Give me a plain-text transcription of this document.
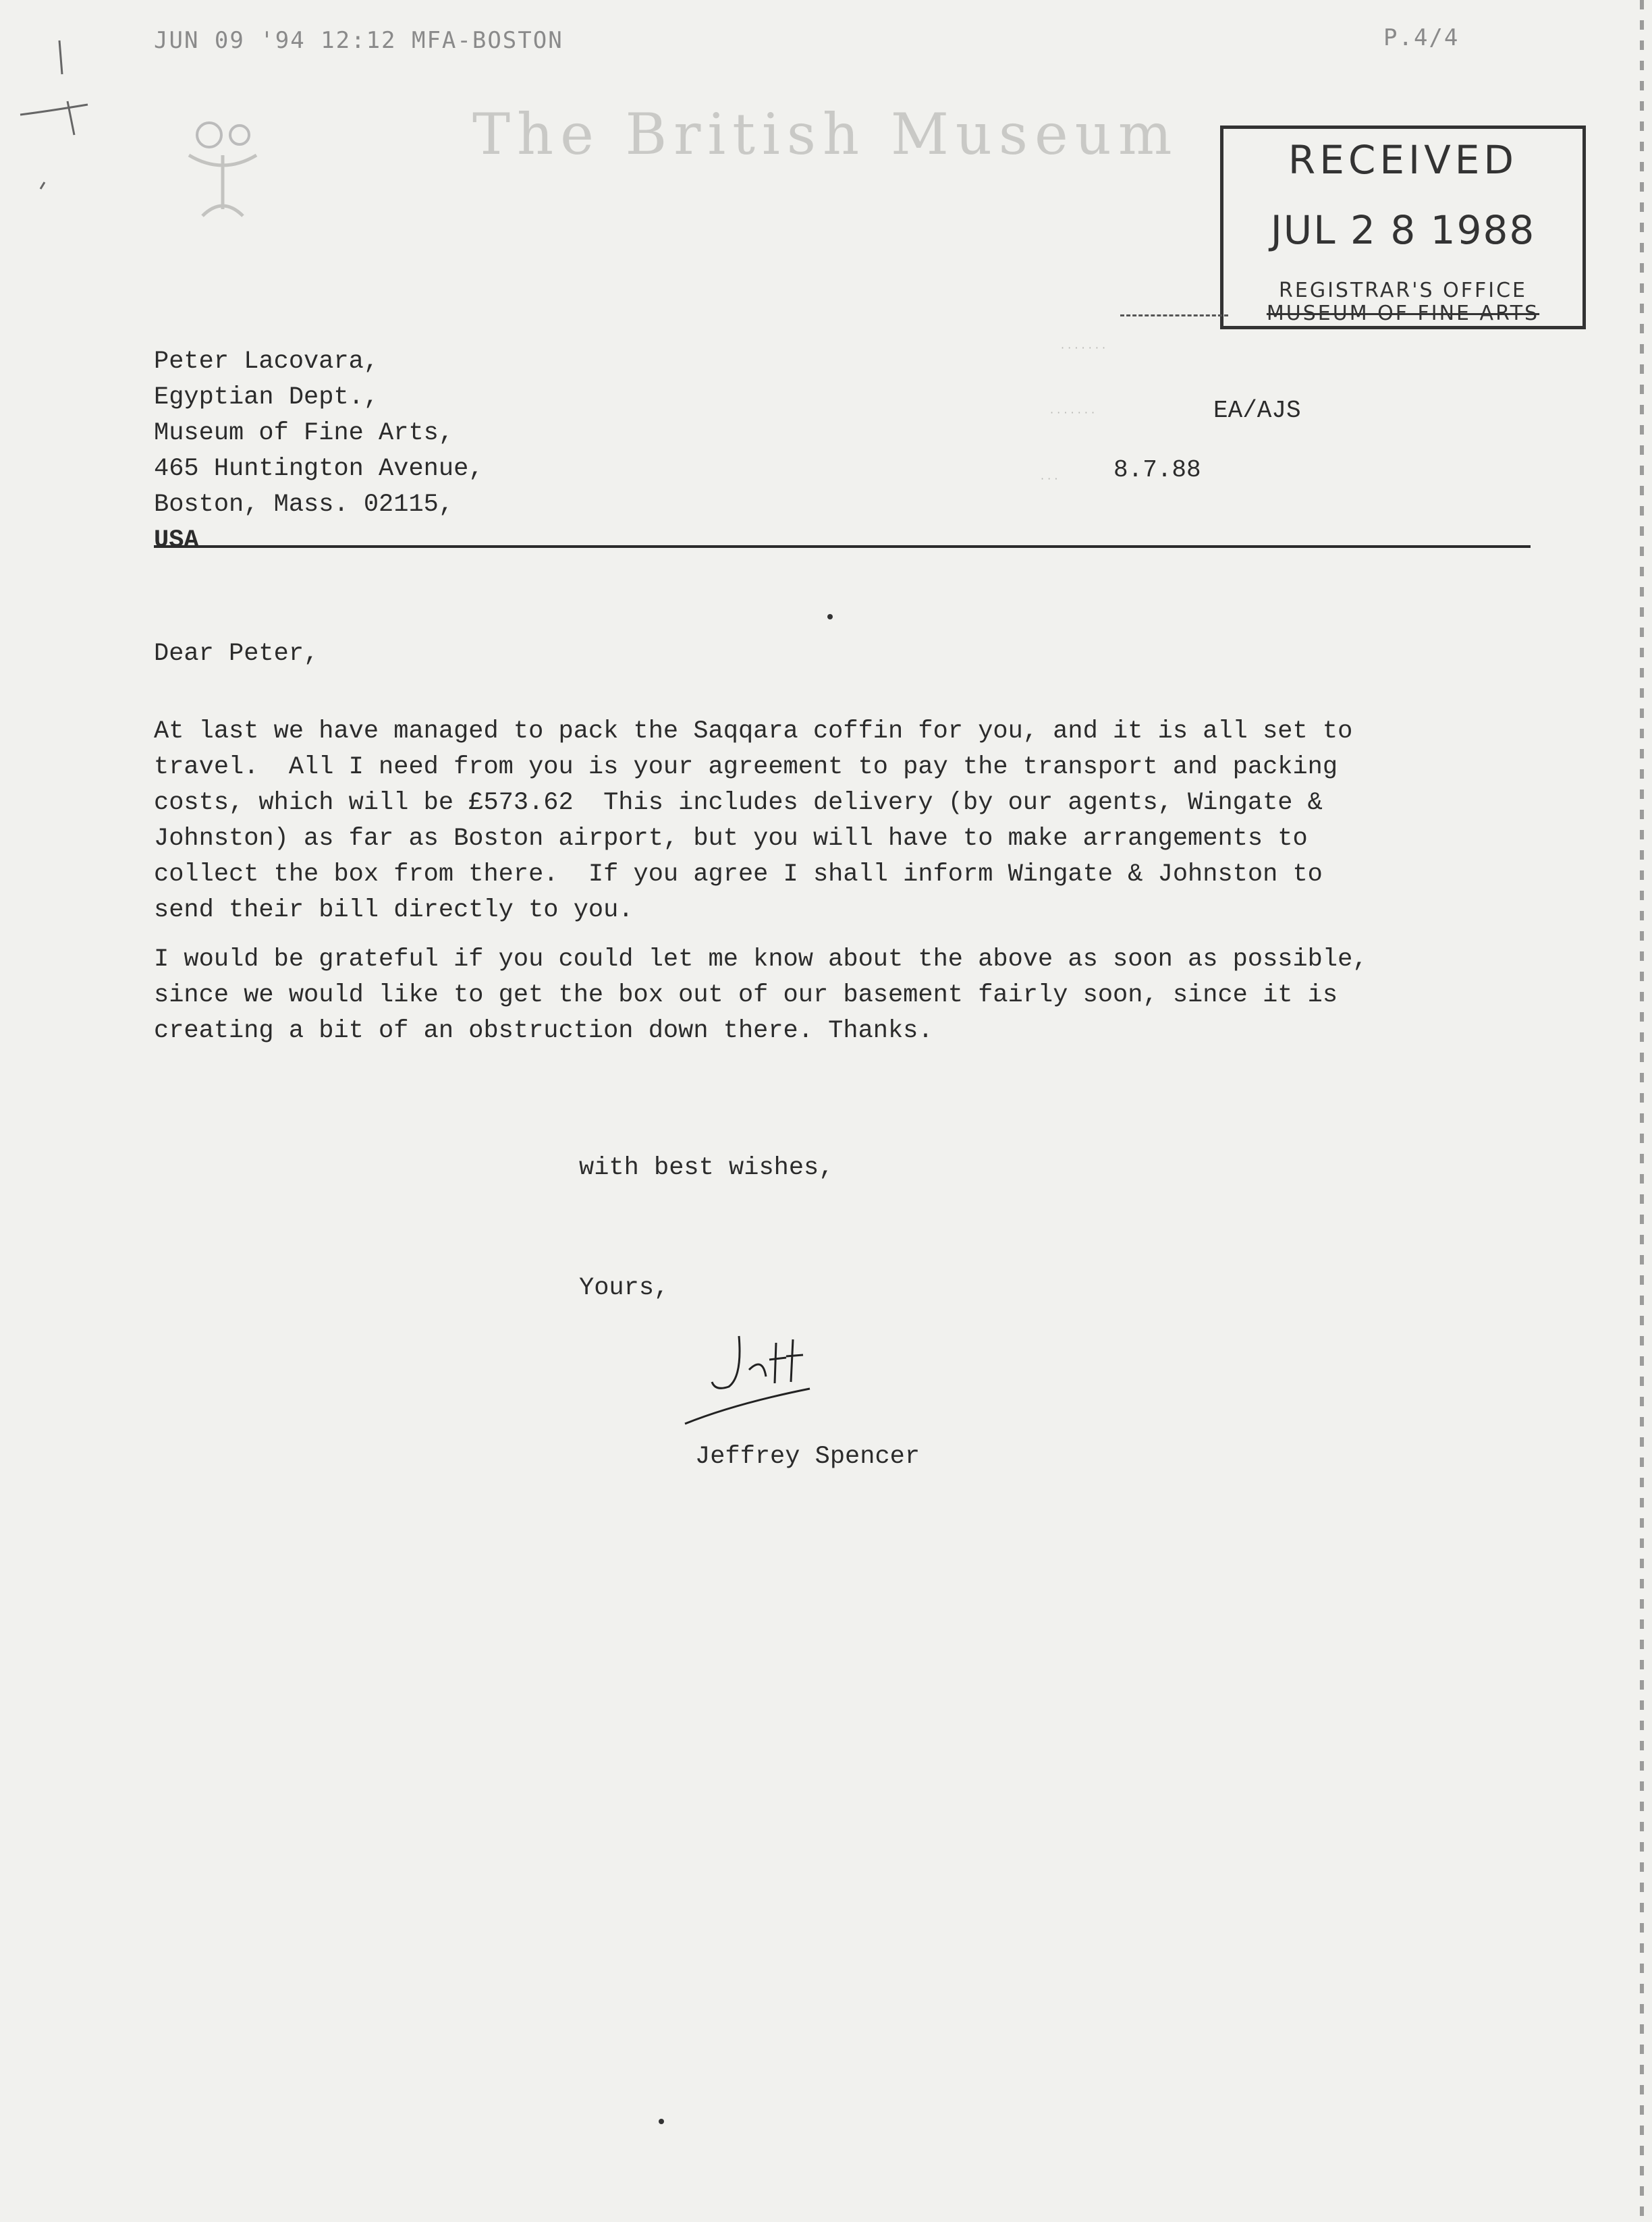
JUN 09 '94 12:12 MFA-BOSTON	P.4/4
The British Museum	RECEIVED
JUL 2 8 1988
REGISTRAR'S OFFICE
MUSEUM OF FINE ARTS
Peter Lacovara,
Egyptian Dept.,
Museum of Fine Arts,
465 Huntington Avenue,
Boston, Mass. 02115,
USA
· · · · · · ·
· · · · · · ·	EA/AJS
· · · 8.7.88
Dear Peter,
At last we have managed to pack the Saqqara coffin for you, and it is all set to
travel.  All I need from you is your agreement to pay the transport and packing
costs, which will be £573.62  This includes delivery (by our agents, Wingate &
Johnston) as far as Boston airport, but you will have to make arrangements to
collect the box from there.  If you agree I shall inform Wingate & Johnston to
send their bill directly to you.
I would be grateful if you could let me know about the above as soon as possible,
since we would like to get the box out of our basement fairly soon, since it is
creating a bit of an obstruction down there. Thanks.
with best wishes,
Yours,
Jeffrey Spencer
